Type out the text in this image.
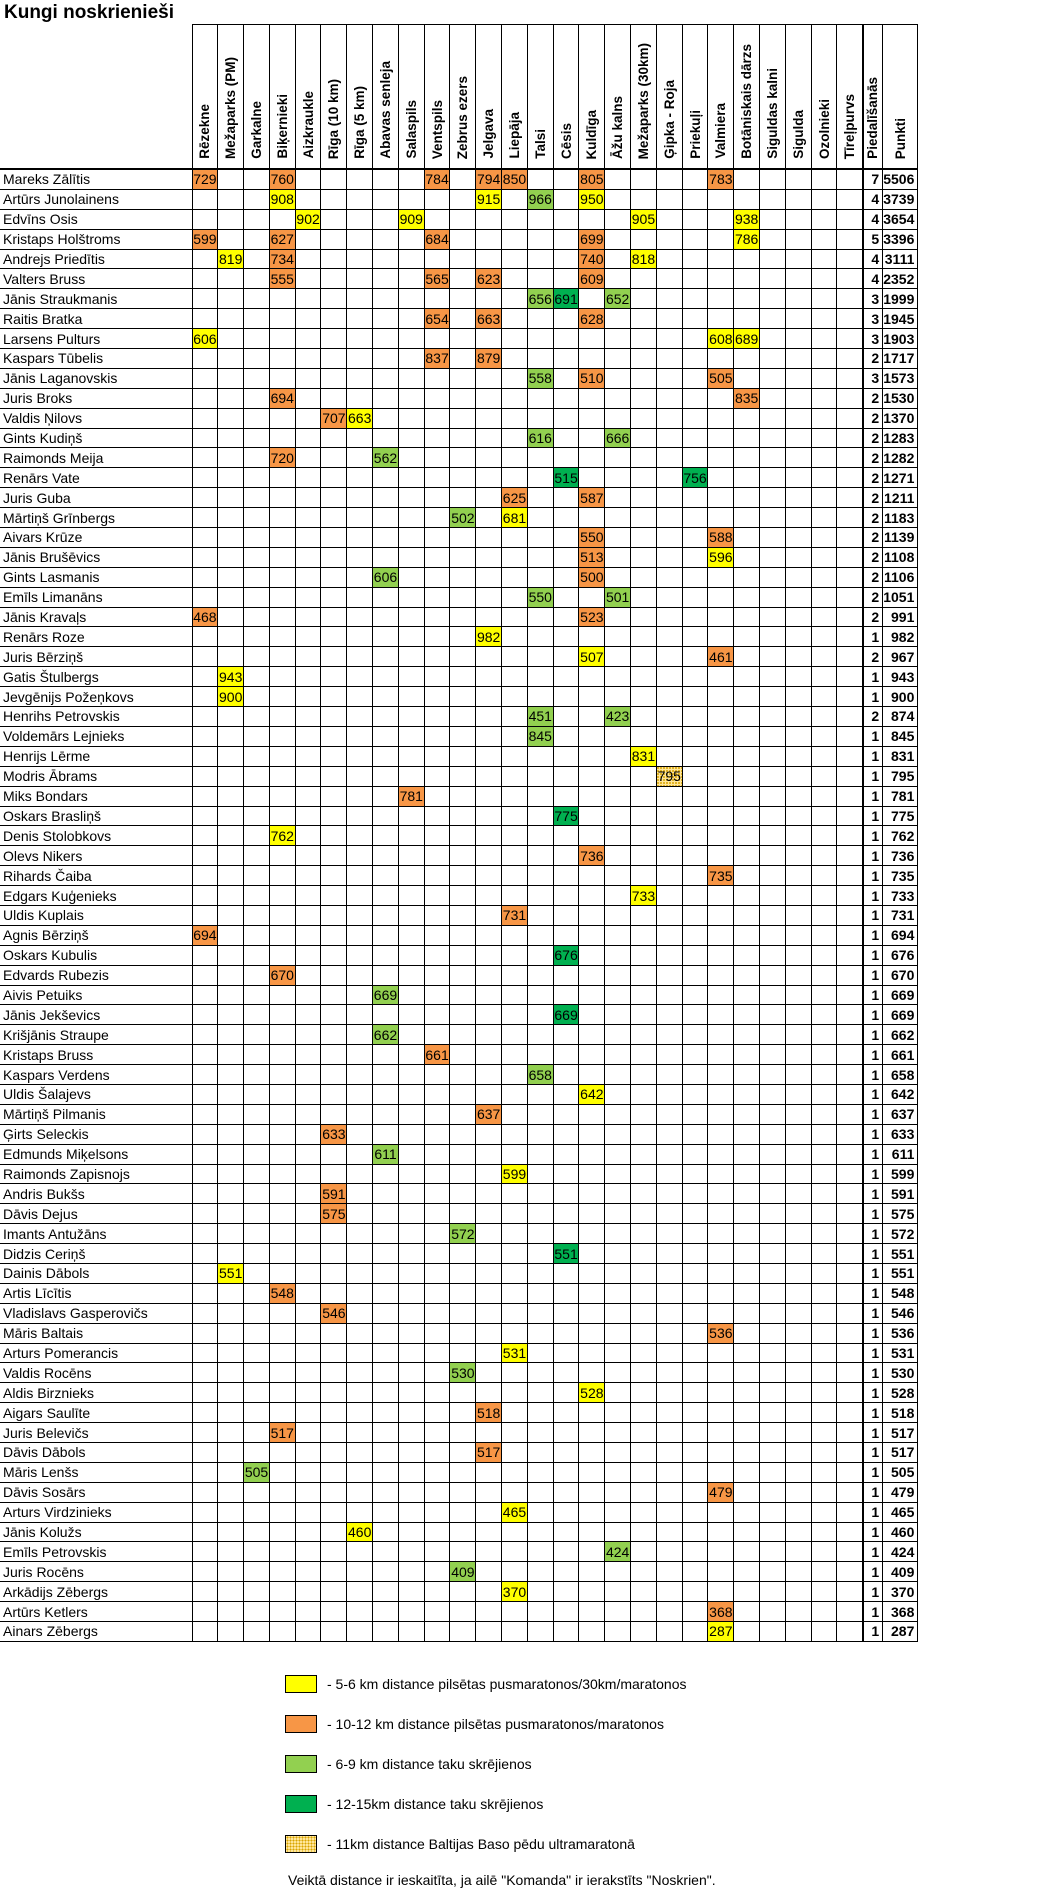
Kungi noskrienieši
	Rēzekne	Mežaparks (PM)	Garkalne	Biķernieki	Aizkraukle	Rīga (10 km)	Rīga (5 km)	Abavas senleja	Salaspils	Ventspils	Zebrus ezers	Jelgava	Liepāja	Talsi	Cēsis	Kuldīga	Āžu kalns	Mežaparks (30km)	Ģipka - Roja	Priekuļi	Valmiera	Botāniskais dārzs	Siguldas kalni	Sigulda	Ozolnieki	Tīreļpurvs	Piedalīšanās	Punkti
Mareks Zālītis	729			760						784		794	850			805					783						7	5506
Artūrs Junolainens				908								915		966		950											4	3739
Edvīns Osis					902				909									905				938					4	3654
Kristaps Holštroms	599			627						684						699						786					5	3396
Andrejs Priedītis		819		734												740		818									4	3111
Valters Bruss				555						565		623				609											4	2352
Jānis Straukmanis														656	691		652										3	1999
Raitis Bratka										654		663				628											3	1945
Larsens Pulturs	606																				608	689					3	1903
Kaspars Tūbelis										837		879															2	1717
Jānis Laganovskis														558		510					505						3	1573
Juris Broks				694																		835					2	1530
Valdis Ņilovs						707	663																				2	1370
Gints Kudiņš														616			666										2	1283
Raimonds Meija				720				562																			2	1282
Renārs Vate															515					756							2	1271
Juris Guba													625			587											2	1211
Mārtiņš Grīnbergs											502		681														2	1183
Aivars Krūze																550					588						2	1139
Jānis Brušēvics																513					596						2	1108
Gints Lasmanis								606								500											2	1106
Emīls Limanāns														550			501										2	1051
Jānis Kravaļs	468															523											2	991
Renārs Roze												982															1	982
Juris Bērziņš																507					461						2	967
Gatis Štulbergs		943																									1	943
Jevgēnijs Požeņkovs		900																									1	900
Henrihs Petrovskis														451			423										2	874
Voldemārs Lejnieks														845													1	845
Henrijs Lērme																		831									1	831
Modris Ābrams																			795								1	795
Miks Bondars									781																		1	781
Oskars Brasliņš															775												1	775
Denis Stolobkovs				762																							1	762
Olevs Nikers																736											1	736
Rihards Čaiba																					735						1	735
Edgars Kuģenieks																		733									1	733
Uldis Kuplais													731														1	731
Agnis Bērziņš	694																										1	694
Oskars Kubulis															676												1	676
Edvards Rubezis				670																							1	670
Aivis Petuiks								669																			1	669
Jānis Jekševics															669												1	669
Krišjānis Straupe								662																			1	662
Kristaps Bruss										661																	1	661
Kaspars Verdens														658													1	658
Uldis Šalajevs																642											1	642
Mārtiņš Pilmanis												637															1	637
Ģirts Seleckis						633																					1	633
Edmunds Miķelsons								611																			1	611
Raimonds Zapisnojs													599														1	599
Andris Bukšs						591																					1	591
Dāvis Dejus						575																					1	575
Imants Antužāns											572																1	572
Didzis Ceriņš															551												1	551
Dainis Dābols		551																									1	551
Artis Līcītis				548																							1	548
Vladislavs Gasperovičs						546																					1	546
Māris Baltais																					536						1	536
Arturs Pomerancis													531														1	531
Valdis Rocēns											530																1	530
Aldis Birznieks																528											1	528
Aigars Saulīte												518															1	518
Juris Belevičs				517																							1	517
Dāvis Dābols												517															1	517
Māris Lenšs			505																								1	505
Dāvis Sosārs																					479						1	479
Arturs Virdzinieks													465														1	465
Jānis Kolužs							460																				1	460
Emīls Petrovskis																	424										1	424
Juris Rocēns											409																1	409
Arkādijs Zēbergs													370														1	370
Artūrs Ketlers																					368						1	368
Ainars Zēbergs																					287						1	287
- 5-6 km distance pilsētas pusmaratonos/30km/maratonos
- 10-12 km distance pilsētas pusmaratonos/maratonos
- 6-9 km distance taku skrējienos
- 12-15km distance taku skrējienos
- 11km distance Baltijas Baso pēdu ultramaratonā
Veiktā distance ir ieskaitīta, ja ailē "Komanda" ir ierakstīts "Noskrien".
